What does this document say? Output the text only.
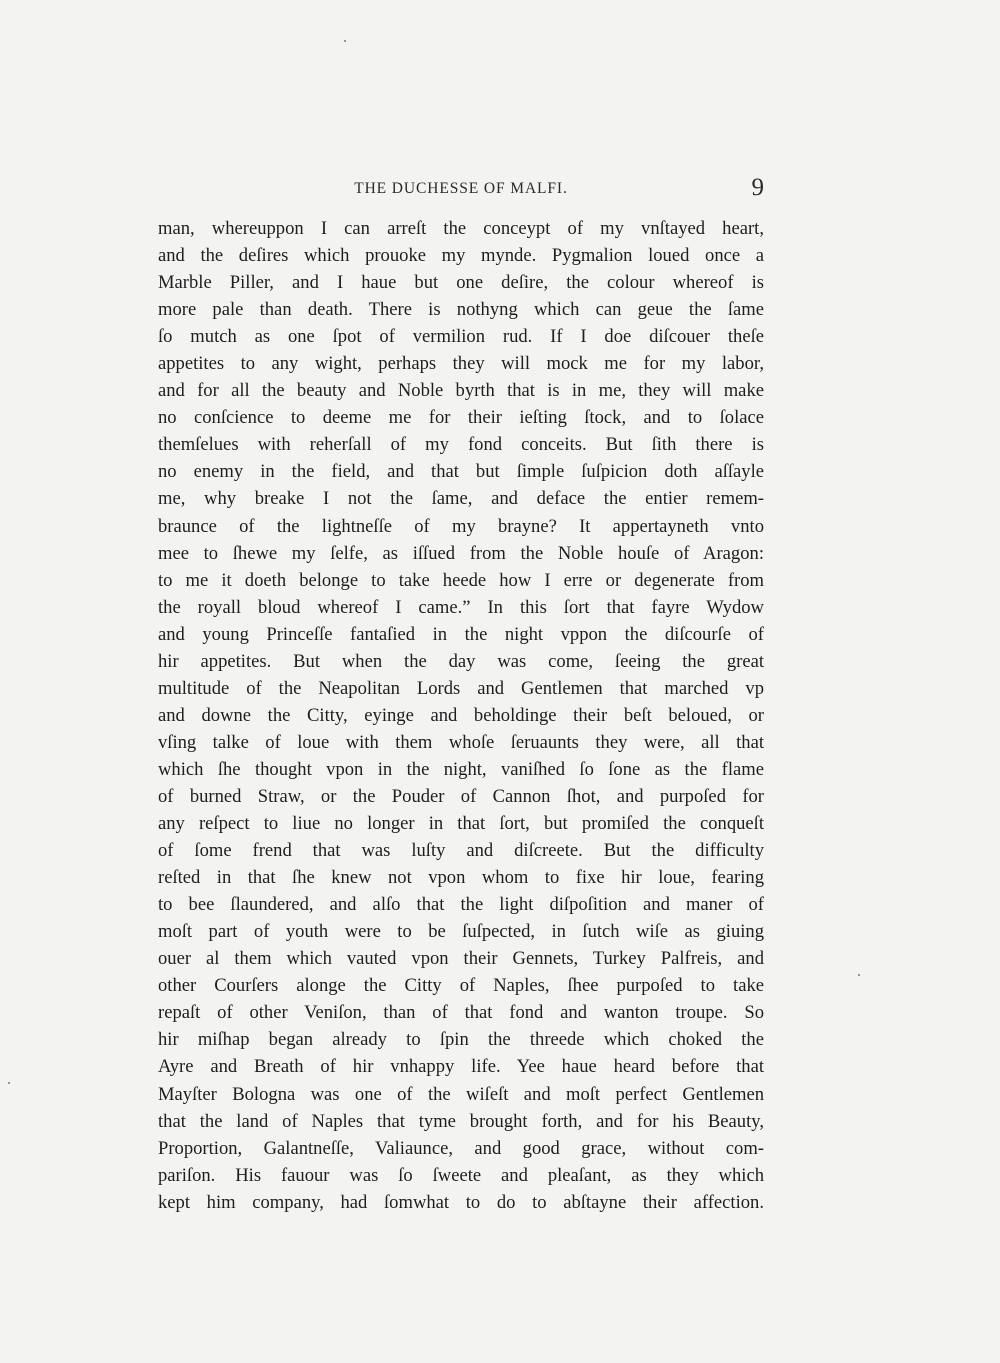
THE DUCHESSE OF MALFI.	9
man, whereuppon I can arreſt the conceypt of my vnſtayed heart,
and the deſires which prouoke my mynde. Pygmalion loued once a
Marble Piller, and I haue but one deſire, the colour whereof is
more pale than death. There is nothyng which can geue the ſame
ſo mutch as one ſpot of vermilion rud. If I doe diſcouer theſe
appetites to any wight, perhaps they will mock me for my labor,
and for all the beauty and Noble byrth that is in me, they will make
no conſcience to deeme me for their ieſting ſtock, and to ſolace
themſelues with reherſall of my fond conceits. But ſith there is
no enemy in the field, and that but ſimple ſuſpicion doth aſſayle
me, why breake I not the ſame, and deface the entier remem-
braunce of the lightneſſe of my brayne? It appertayneth vnto
mee to ſhewe my ſelfe, as iſſued from the Noble houſe of Aragon:
to me it doeth belonge to take heede how I erre or degenerate from
the royall bloud whereof I came.” In this ſort that fayre Wydow
and young Princeſſe fantaſied in the night vppon the diſcourſe of
hir appetites. But when the day was come, ſeeing the great
multitude of the Neapolitan Lords and Gentlemen that marched vp
and downe the Citty, eyinge and beholdinge their beſt beloued, or
vſing talke of loue with them whoſe ſeruaunts they were, all that
which ſhe thought vpon in the night, vaniſhed ſo ſone as the flame
of burned Straw, or the Pouder of Cannon ſhot, and purpoſed for
any reſpect to liue no longer in that ſort, but promiſed the conqueſt
of ſome frend that was luſty and diſcreete. But the difficulty
reſted in that ſhe knew not vpon whom to fixe hir loue, fearing
to bee ſlaundered, and alſo that the light diſpoſition and maner of
moſt part of youth were to be ſuſpected, in ſutch wiſe as giuing
ouer al them which vauted vpon their Gennets, Turkey Palfreis, and
other Courſers alonge the Citty of Naples, ſhee purpoſed to take
repaſt of other Veniſon, than of that fond and wanton troupe. So
hir miſhap began already to ſpin the threede which choked the
Ayre and Breath of hir vnhappy life. Yee haue heard before that
Mayſter Bologna was one of the wiſeſt and moſt perfect Gentlemen
that the land of Naples that tyme brought forth, and for his Beauty,
Proportion, Galantneſſe, Valiaunce, and good grace, without com-
pariſon. His fauour was ſo ſweete and pleaſant, as they which
kept him company, had ſomwhat to do to abſtayne their affection.
